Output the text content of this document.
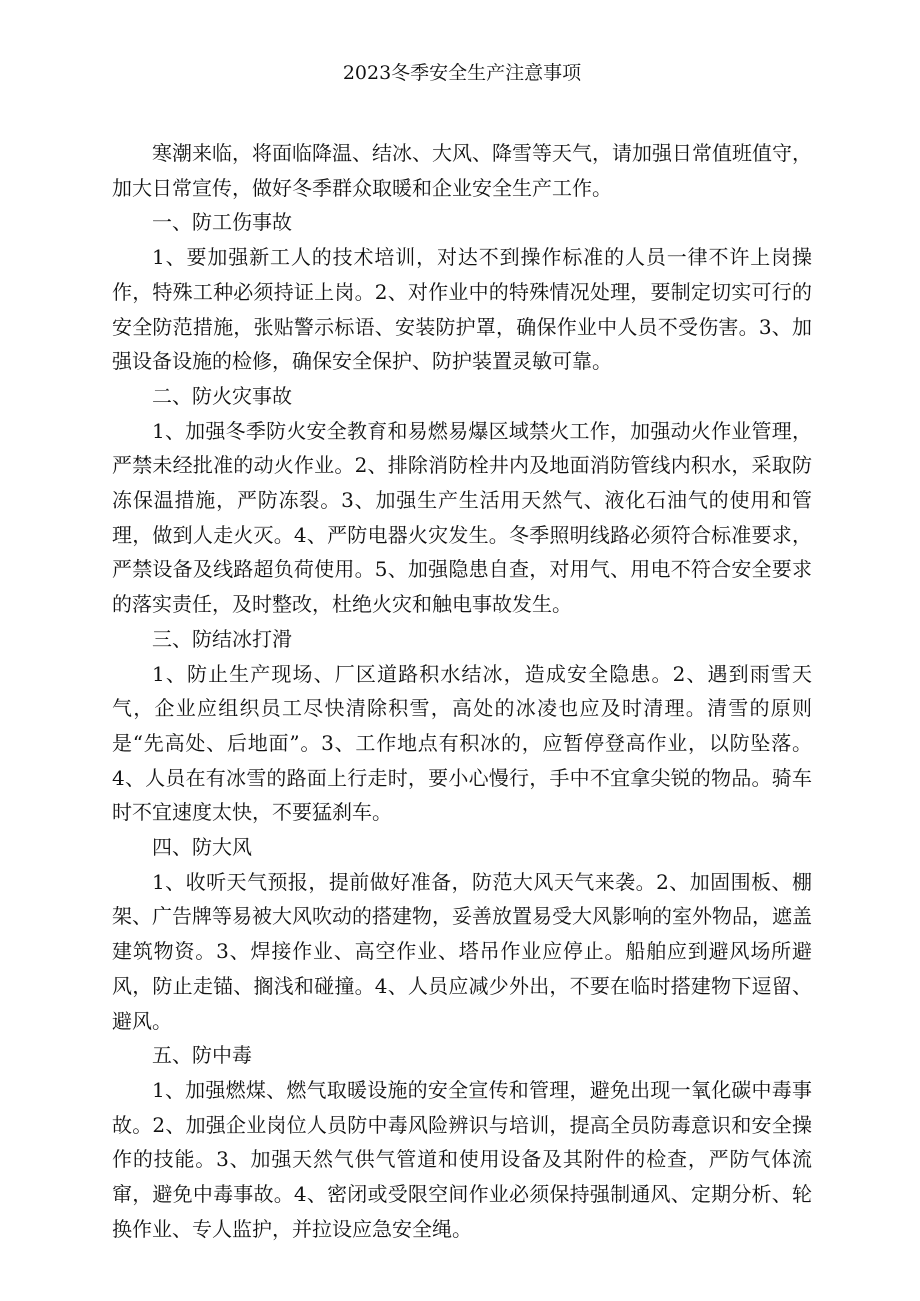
2023冬季安全生产注意事项

寒潮来临，将面临降温、结冰、大风、降雪等天气，请加强日常值班值守，加大日常宣传，做好冬季群众取暖和企业安全生产工作。

一、防工伤事故

1、要加强新工人的技术培训，对达不到操作标准的人员一律不许上岗操作，特殊工种必须持证上岗。2、对作业中的特殊情况处理，要制定切实可行的安全防范措施，张贴警示标语、安装防护罩，确保作业中人员不受伤害。3、加强设备设施的检修，确保安全保护、防护装置灵敏可靠。

二、防火灾事故

1、加强冬季防火安全教育和易燃易爆区域禁火工作，加强动火作业管理，严禁未经批准的动火作业。2、排除消防栓井内及地面消防管线内积水，采取防冻保温措施，严防冻裂。3、加强生产生活用天然气、液化石油气的使用和管理，做到人走火灭。4、严防电器火灾发生。冬季照明线路必须符合标准要求，严禁设备及线路超负荷使用。5、加强隐患自查，对用气、用电不符合安全要求的落实责任，及时整改，杜绝火灾和触电事故发生。

三、防结冰打滑

1、防止生产现场、厂区道路积水结冰，造成安全隐患。2、遇到雨雪天气，企业应组织员工尽快清除积雪，高处的冰凌也应及时清理。清雪的原则是“先高处、后地面”。3、工作地点有积冰的，应暂停登高作业，以防坠落。4、人员在有冰雪的路面上行走时，要小心慢行，手中不宜拿尖锐的物品。骑车时不宜速度太快，不要猛刹车。

四、防大风

1、收听天气预报，提前做好准备，防范大风天气来袭。2、加固围板、棚架、广告牌等易被大风吹动的搭建物，妥善放置易受大风影响的室外物品，遮盖建筑物资。3、焊接作业、高空作业、塔吊作业应停止。船舶应到避风场所避风，防止走锚、搁浅和碰撞。4、人员应减少外出，不要在临时搭建物下逗留、避风。

五、防中毒

1、加强燃煤、燃气取暖设施的安全宣传和管理，避免出现一氧化碳中毒事故。2、加强企业岗位人员防中毒风险辨识与培训，提高全员防毒意识和安全操作的技能。3、加强天然气供气管道和使用设备及其附件的检查，严防气体流窜，避免中毒事故。4、密闭或受限空间作业必须保持强制通风、定期分析、轮换作业、专人监护，并拉设应急安全绳。
